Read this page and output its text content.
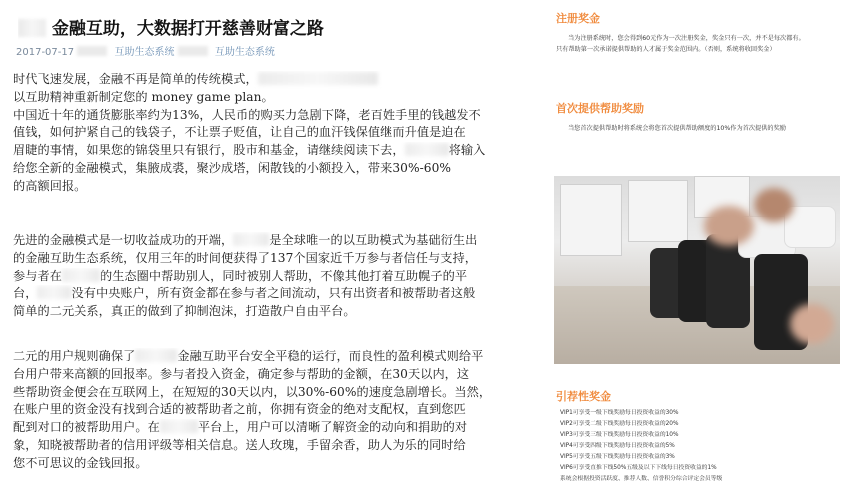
金融互助，大数据打开慈善财富之路
2017-07-17	互助生态系统	互助生态系统
时代飞速发展，金融不再是简单的传统模式，
以互助精神重新制定您的 money game plan。
中国近十年的通货膨胀率约为13%，人民币的购买力急剧下降，老百姓手里的钱越发不
值钱，如何护紧自己的钱袋子，不让票子贬值，让自己的血汗钱保值继而升值是迫在
眉睫的事情，如果您的锦袋里只有银行，股市和基金，请继续阅读下去，	将输入
给您全新的金融模式，集腋成裘，聚沙成塔，闲散钱的小额投入，带来30%-60%
的高额回报。
先进的金融模式是一切收益成功的开端，	是全球唯一的以互助模式为基础衍生出
的金融互助生态系统，仅用三年的时间便获得了137个国家近千万参与者信任与支持，
参与者在	的生态圈中帮助别人，同时被别人帮助，不像其他打着互助幌子的平
台，	没有中央账户，所有资金都在参与者之间流动，只有出资者和被帮助者这般
简单的二元关系，真正的做到了抑制泡沫，打造散户自由平台。
二元的用户规则确保了	金融互助平台安全平稳的运行，而良性的盈利模式则给平
台用户带来高额的回报率。参与者投入资金，确定参与帮助的金额，在30天以内，这
些帮助资金便会在互联网上，在短短的30天以内，以30%-60%的速度急剧增长。当然，
在账户里的资金没有找到合适的被帮助者之前，你拥有资金的绝对支配权，直到您匹
配到对口的被帮助用户。在	平台上，用户可以清晰了解资金的动向和捐助的对
象，知晓被帮助者的信用评级等相关信息。送人玫瑰，手留余香，助人为乐的同时给
您不可思议的金钱回报。
注册奖金
当为注册系统时，您会得到60元作为一次注册奖金，奖金只有一次，并不是每次都有。
只有帮助第一次承诺提供帮助的人才属于奖金范围内。（否则，系统将收回奖金）
首次提供帮助奖励
当您首次提供帮助时将系统会将您首次提供帮助额度的10%作为首次提供的奖励
引荐性奖金
VIP1可享受一级下线奖励每日投资收益的30%
VIP2可享受二级下线奖励每日投资收益的20%
VIP3可享受三级下线奖励每日投资收益的10%
VIP4可享受四级下线奖励每日投资收益的5%
VIP5可享受五级下线奖励每日投资收益的3%
VIP6可享受直推下线50%五级及以下下线每日投资收益的1%
系统会根据投资活跃度、推荐人数、信誉积分综合评定会员等级
